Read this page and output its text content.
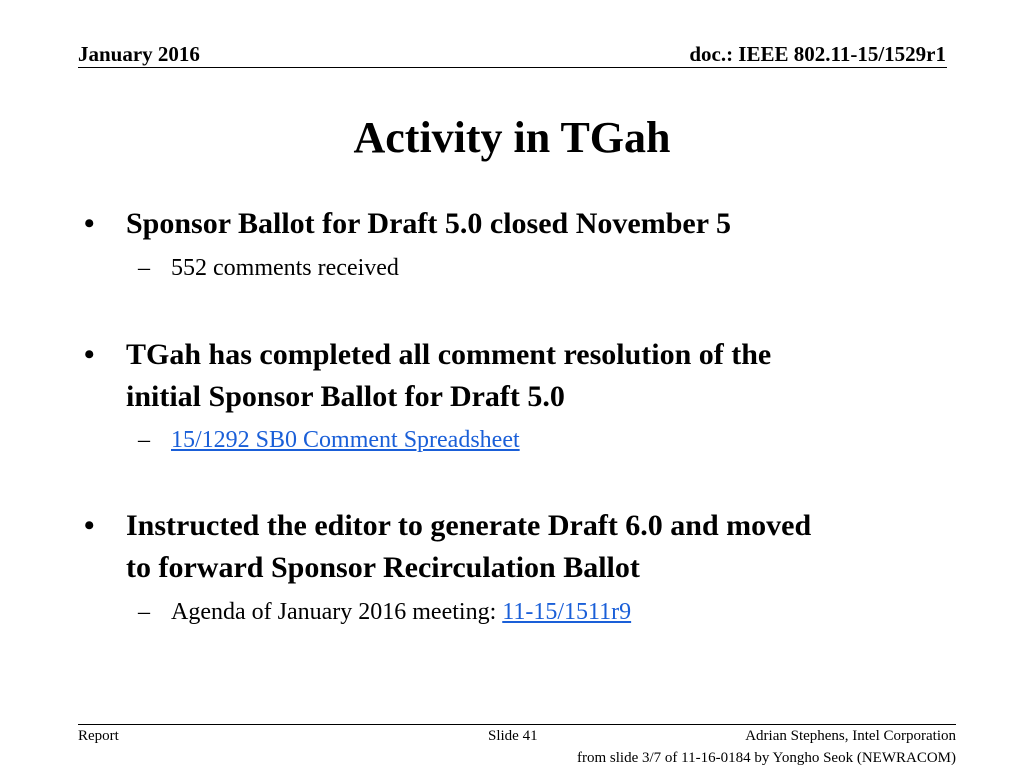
January 2016	doc.: IEEE 802.11-15/1529r1
Activity in TGah
• Sponsor Ballot for Draft 5.0 closed November 5
– 552 comments received
• TGah has completed all comment resolution of the
initial Sponsor Ballot for Draft 5.0
– 15/1292 SB0 Comment Spreadsheet
• Instructed the editor to generate Draft 6.0 and moved
to forward Sponsor Recirculation Ballot
– Agenda of January 2016 meeting: 11-15/1511r9
Report	Slide 41	Adrian Stephens, Intel Corporation
from slide 3/7 of 11-16-0184 by Yongho Seok (NEWRACOM)
